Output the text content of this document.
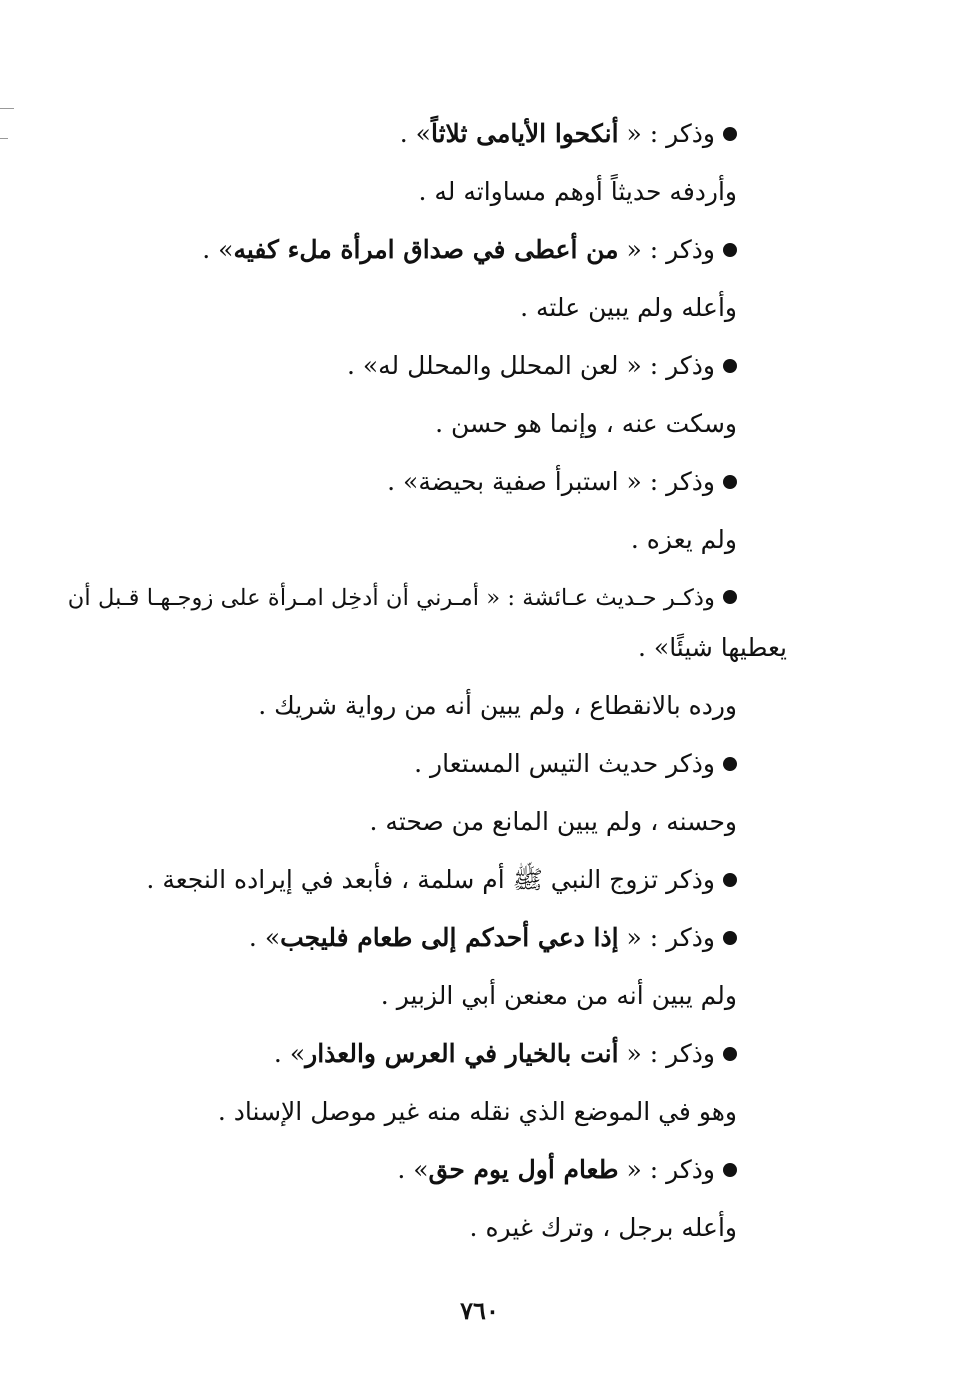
وذكر : « أنكحوا الأيامى ثلاثاً» .
وأردفه حديثاً أوهم مساواته له .
وذكر : « من أعطى في صداق امرأة ملء كفيه» .
وأعله ولم يبين علته .
وذكر : « لعن المحلل والمحلل له» .
وسكت عنه ، وإنما هو حسن .
وذكر : « استبرأ صفية بحيضة» .
ولم يعزه .
وذكـر حـديث عـائشة : « أمـرني أن أدخِل امـرأة على زوجـهـا قـبل أن
يعطيها شيئًا» .
ورده بالانقطاع ، ولم يبين أنه من رواية شريك .
وذكر حديث التيس المستعار .
وحسنه ، ولم يبين المانع من صحته .
وذكر تزوج النبي ﷺ أم سلمة ، فأبعد في إيراده النجعة .
وذكر : « إذا دعي أحدكم إلى طعام فليجب» .
ولم يبين أنه من معنعن أبي الزبير .
وذكر : « أنت بالخيار في العرس والعذار» .
وهو في الموضع الذي نقله منه غير موصل الإسناد .
وذكر : « طعام أول يوم حق» .
وأعله برجل ، وترك غيره .
٧٦٠
